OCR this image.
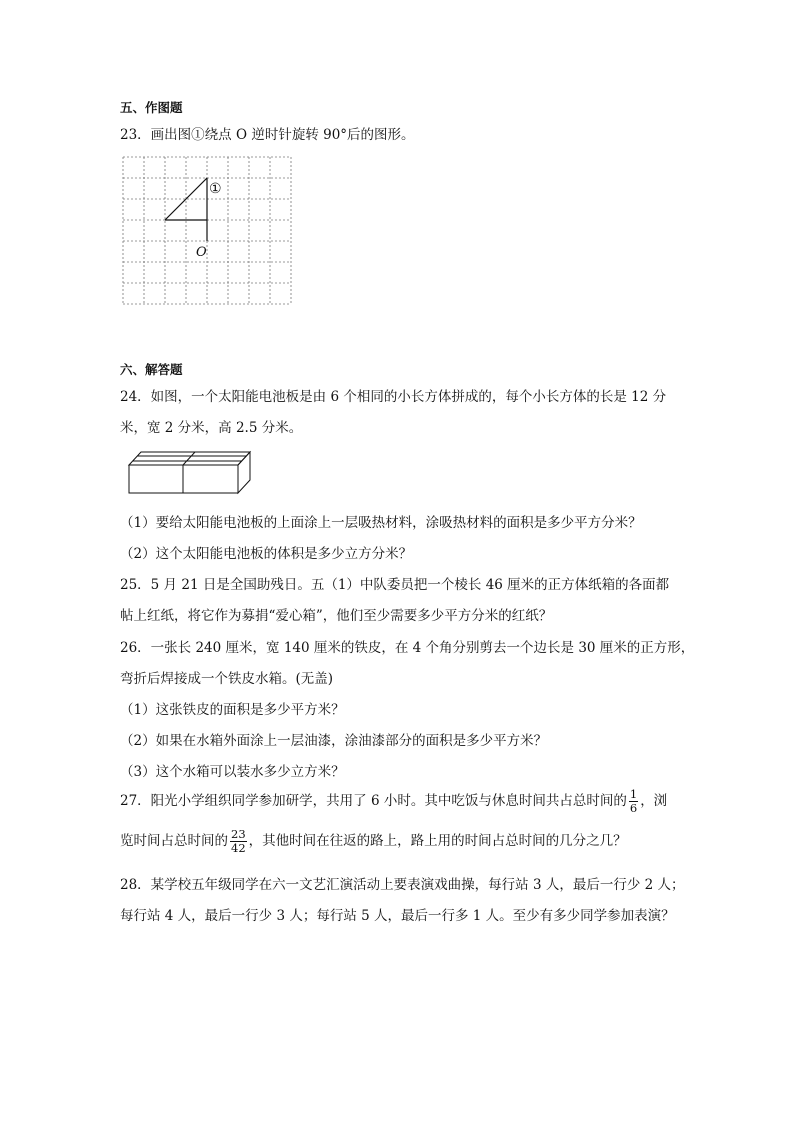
五、作图题
23．画出图①绕点 O 逆时针旋转 90°后的图形。
①
O
六、解答题
24．如图，一个太阳能电池板是由 6 个相同的小长方体拼成的，每个小长方体的长是 12 分
米，宽 2 分米，高 2.5 分米。
（1）要给太阳能电池板的上面涂上一层吸热材料，涂吸热材料的面积是多少平方分米？
（2）这个太阳能电池板的体积是多少立方分米？
25．5 月 21 日是全国助残日。五（1）中队委员把一个棱长 46 厘米的正方体纸箱的各面都
帖上红纸，将它作为募捐“爱心箱”，他们至少需要多少平方分米的红纸？
26．一张长 240 厘米，宽 140 厘米的铁皮，在 4 个角分别剪去一个边长是 30 厘米的正方形，
弯折后焊接成一个铁皮水箱。(无盖)
（1）这张铁皮的面积是多少平方米？
（2）如果在水箱外面涂上一层油漆，涂油漆部分的面积是多少平方米？
（3）这个水箱可以装水多少立方米？
27．阳光小学组织同学参加研学，共用了 6 小时。其中吃饭与休息时间共占总时间的 $\frac{1}{6}$ ，浏
览时间占总时间的 $\frac{23}{42}$ ，其他时间在往返的路上，路上用的时间占总时间的几分之几？
28．某学校五年级同学在六一文艺汇演活动上要表演戏曲操，每行站 3 人，最后一行少 2 人；
每行站 4 人，最后一行少 3 人；每行站 5 人，最后一行多 1 人。至少有多少同学参加表演？
